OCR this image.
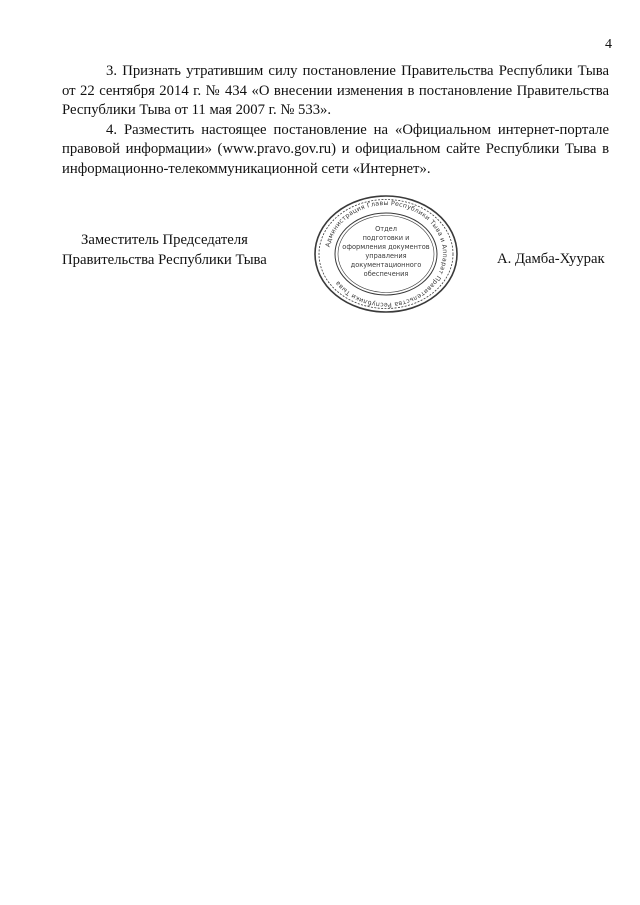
4

3. Признать утратившим силу постановление Правительства Республики Тыва от 22 сентября 2014 г. № 434 «О внесении изменения в постановление Правительства Республики Тыва от 11 мая 2007 г. № 533».

4. Разместить настоящее постановление на «Официальном интернет-портале правовой информации» (www.pravo.gov.ru) и официальном сайте Республики Тыва в информационно-телекоммуникационной сети «Интернет».

Заместитель Председателя
Правительства Республики Тыва	А. Дамба-Хуурак
Администрация Главы Республики Тыва и Аппарат Правительства Республики Тыва
Отдел
подготовки и
оформления документов
управления
документационного
обеспечения
